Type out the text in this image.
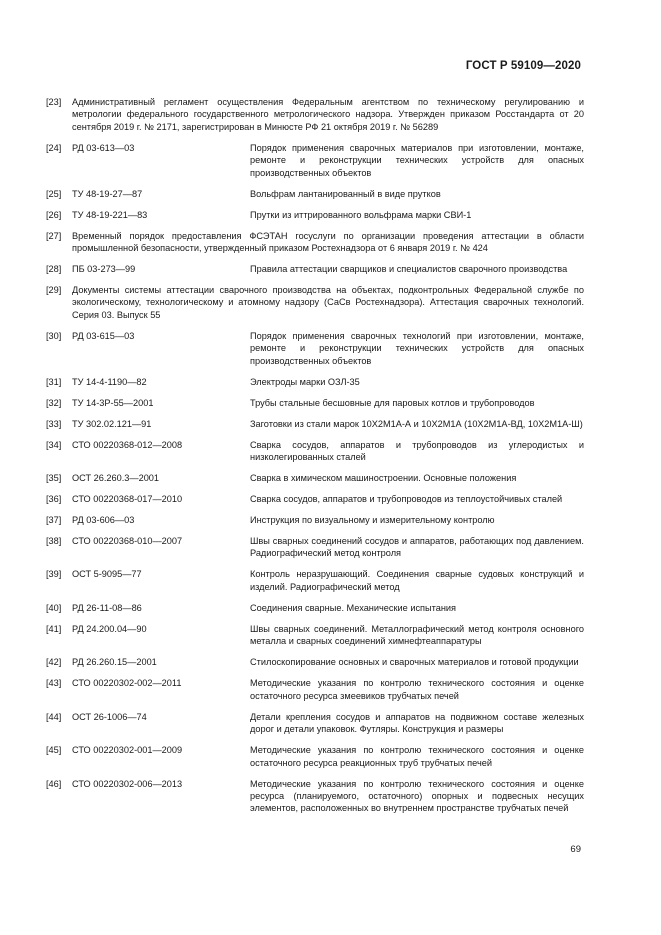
ГОСТ Р 59109—2020
[23]	Административный регламент осуществления Федеральным агентством по техническому регулированию и метрологии федерального государственного метрологического надзора. Утвержден приказом Росстандарта от 20 сентября 2019 г. № 2171, зарегистрирован в Минюсте РФ 21 октября 2019 г. № 56289
[24]	РД 03-613—03	Порядок применения сварочных материалов при изготовлении, монтаже, ремонте и реконструкции технических устройств для опасных производственных объектов
[25]	ТУ 48-19-27—87	Вольфрам лантанированный в виде прутков
[26]	ТУ 48-19-221—83	Прутки из иттрированного вольфрама марки СВИ-1
[27]	Временный порядок предоставления ФСЭТАН госуслуги по организации проведения аттестации в области промышленной безопасности, утвержденный приказом Ростехнадзора от 6 января 2019 г. № 424
[28]	ПБ 03-273—99	Правила аттестации сварщиков и специалистов сварочного производства
[29]	Документы системы аттестации сварочного производства на объектах, подконтрольных Федеральной службе по экологическому, технологическому и атомному надзору (СаСв Ростехнадзора). Аттестация сварочных технологий. Серия 03. Выпуск 55
[30]	РД 03-615—03	Порядок применения сварочных технологий при изготовлении, монтаже, ремонте и реконструкции технических устройств для опасных производственных объектов
[31]	ТУ 14-4-1190—82	Электроды марки ОЗЛ-35
[32]	ТУ 14-3Р-55—2001	Трубы стальные бесшовные для паровых котлов и трубопроводов
[33]	ТУ 302.02.121—91	Заготовки из стали марок 10Х2М1А-А и 10Х2М1А (10Х2М1А-ВД, 10Х2М1А-Ш)
[34]	СТО 00220368-012—2008	Сварка сосудов, аппаратов и трубопроводов из углеродистых и низколегированных сталей
[35]	ОСТ 26.260.3—2001	Сварка в химическом машиностроении. Основные положения
[36]	СТО 00220368-017—2010	Сварка сосудов, аппаратов и трубопроводов из теплоустойчивых сталей
[37]	РД 03-606—03	Инструкция по визуальному и измерительному контролю
[38]	СТО 00220368-010—2007	Швы сварных соединений сосудов и аппаратов, работающих под давлением. Радиографический метод контроля
[39]	ОСТ 5-9095—77	Контроль неразрушающий. Соединения сварные судовых конструкций и изделий. Радиографический метод
[40]	РД 26-11-08—86	Соединения сварные. Механические испытания
[41]	РД 24.200.04—90	Швы сварных соединений. Металлографический метод контроля основного металла и сварных соединений химнефтеаппаратуры
[42]	РД 26.260.15—2001	Стилоскопирование основных и сварочных материалов и готовой продукции
[43]	СТО 00220302-002—2011	Методические указания по контролю технического состояния и оценке остаточного ресурса змеевиков трубчатых печей
[44]	ОСТ 26-1006—74	Детали крепления сосудов и аппаратов на подвижном составе железных дорог и детали упаковок. Футляры. Конструкция и размеры
[45]	СТО 00220302-001—2009	Методические указания по контролю технического состояния и оценке остаточного ресурса реакционных труб трубчатых печей
[46]	СТО 00220302-006—2013	Методические указания по контролю технического состояния и оценке ресурса (планируемого, остаточного) опорных и подвесных несущих элементов, расположенных во внутреннем пространстве трубчатых печей
69
